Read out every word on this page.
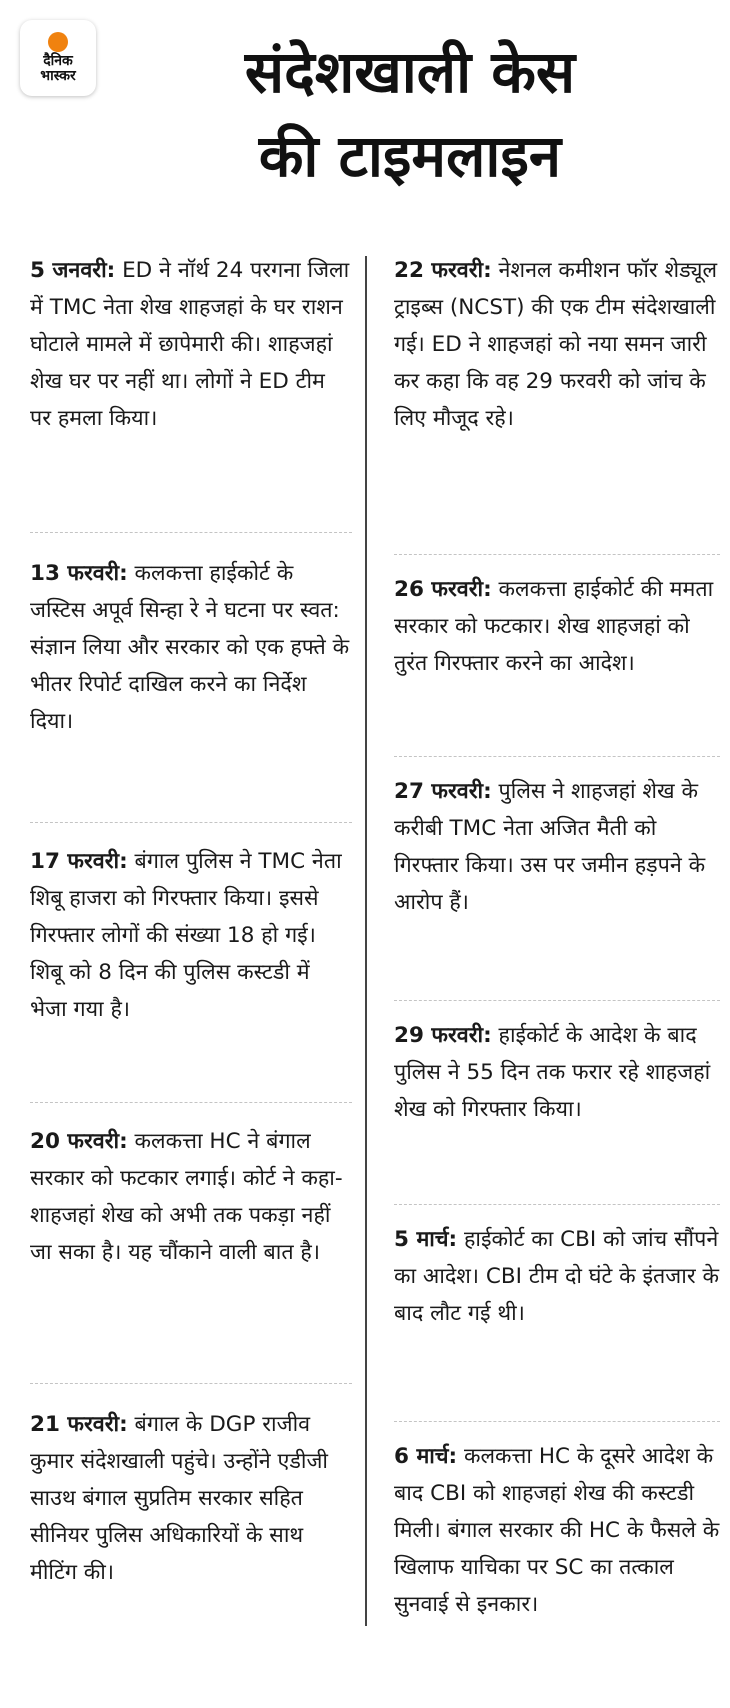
दैनिक
भास्कर	संदेशखाली केस
की टाइमलाइन

5 जनवरी: ED ने नॉर्थ 24 परगना जिला में TMC नेता शेख शाहजहां के घर राशन घोटाले मामले में छापेमारी की। शाहजहां शेख घर पर नहीं था। लोगों ने ED टीम पर हमला किया।

13 फरवरी: कलकत्ता हाईकोर्ट के जस्टिस अपूर्व सिन्हा रे ने घटना पर स्वत: संज्ञान लिया और सरकार को एक हफ्ते के भीतर रिपोर्ट दाखिल करने का निर्देश दिया।

17 फरवरी: बंगाल पुलिस ने TMC नेता शिबू हाजरा को गिरफ्तार किया। इससे गिरफ्तार लोगों की संख्या 18 हो गई। शिबू को 8 दिन की पुलिस कस्टडी में भेजा गया है।

20 फरवरी: कलकत्ता HC ने बंगाल सरकार को फटकार लगाई। कोर्ट ने कहा- शाहजहां शेख को अभी तक पकड़ा नहीं जा सका है। यह चौंकाने वाली बात है।

21 फरवरी: बंगाल के DGP राजीव कुमार संदेशखाली पहुंचे। उन्होंने एडीजी साउथ बंगाल सुप्रतिम सरकार सहित सीनियर पुलिस अधिकारियों के साथ मीटिंग की।

22 फरवरी: नेशनल कमीशन फॉर शेड्यूल ट्राइब्स (NCST) की एक टीम संदेशखाली गई। ED ने शाहजहां को नया समन जारी कर कहा कि वह 29 फरवरी को जांच के लिए मौजूद रहे।

26 फरवरी: कलकत्ता हाईकोर्ट की ममता सरकार को फटकार। शेख शाहजहां को तुरंत गिरफ्तार करने का आदेश।

27 फरवरी: पुलिस ने शाहजहां शेख के करीबी TMC नेता अजित मैती को गिरफ्तार किया। उस पर जमीन हड़पने के आरोप हैं।

29 फरवरी: हाईकोर्ट के आदेश के बाद पुलिस ने 55 दिन तक फरार रहे शाहजहां शेख को गिरफ्तार किया।

5 मार्च: हाईकोर्ट का CBI को जांच सौंपने का आदेश। CBI टीम दो घंटे के इंतजार के बाद लौट गई थी।

6 मार्च: कलकत्ता HC के दूसरे आदेश के बाद CBI को शाहजहां शेख की कस्टडी मिली। बंगाल सरकार की HC के फैसले के खिलाफ याचिका पर SC का तत्काल सुनवाई से इनकार।
